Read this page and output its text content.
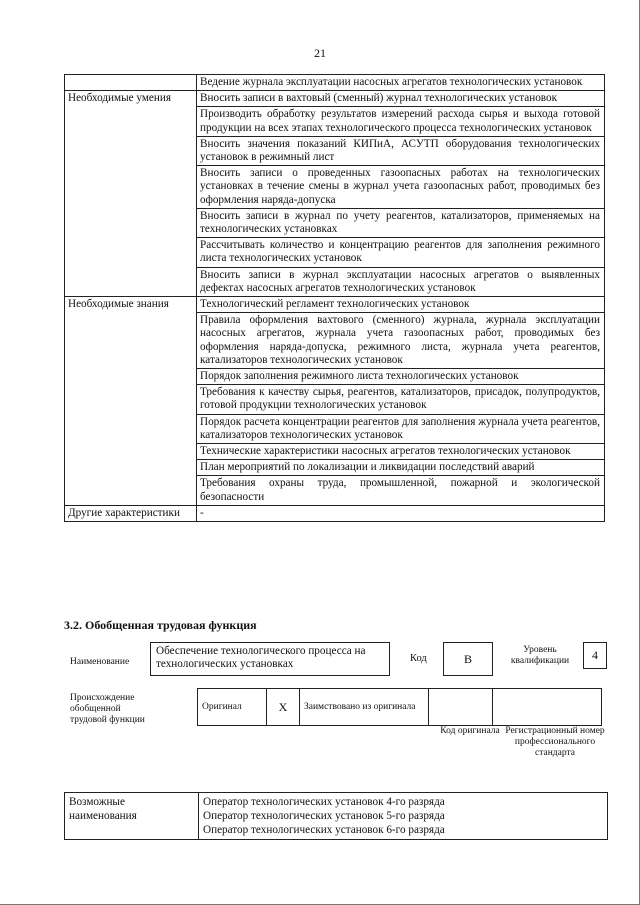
21
	Ведение журнала эксплуатации насосных агрегатов технологических установок
Необходимые умения	Вносить записи в вахтовый (сменный) журнал технологических установок
	Производить обработку результатов измерений расхода сырья и выхода готовой продукции на всех этапах технологического процесса технологических установок
	Вносить значения показаний КИПиА, АСУТП оборудования технологических установок в режимный лист
	Вносить записи о проведенных газоопасных работах на технологических установках в течение смены в журнал учета газоопасных работ, проводимых без оформления наряда-допуска
	Вносить записи в журнал по учету реагентов, катализаторов, применяемых на технологических установках
	Рассчитывать количество и концентрацию реагентов для заполнения режимного листа технологических установок
	Вносить записи в журнал эксплуатации насосных агрегатов о выявленных дефектах насосных агрегатов технологических установок
Необходимые знания	Технологический регламент технологических установок
	Правила оформления вахтового (сменного) журнала, журнала эксплуатации насосных агрегатов, журнала учета газоопасных работ, проводимых без оформления наряда-допуска, режимного листа, журнала учета реагентов, катализаторов технологических установок
	Порядок заполнения режимного листа технологических установок
	Требования к качеству сырья, реагентов, катализаторов, присадок, полупродуктов, готовой продукции технологических установок
	Порядок расчета концентрации реагентов для заполнения журнала учета реагентов, катализаторов технологических установок
	Технические характеристики насосных агрегатов технологических установок
	План мероприятий по локализации и ликвидации последствий аварий
	Требования охраны труда, промышленной, пожарной и экологической безопасности
Другие характеристики	-
3.2. Обобщенная трудовая функция
Наименование
Обеспечение технологического процесса на технологических установках	Код	В
Уровень квалификации	4
Происхождение обобщенной трудовой функции
Оригинал	Х	Заимствовано из оригинала		
Код оригинала Регистрационный номер профессионального стандарта
Возможные наименования	
Оператор технологических установок 4-го разряда
Оператор технологических установок 5-го разряда
Оператор технологических установок 6-го разряда
